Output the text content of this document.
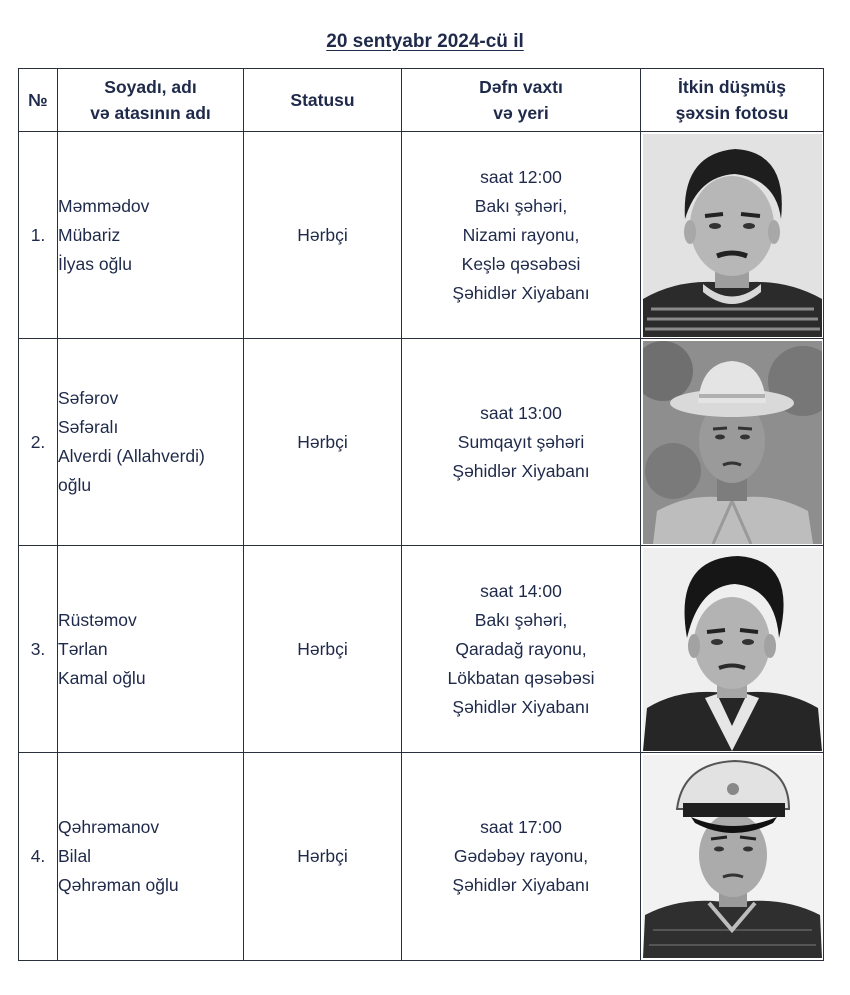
20 sentyabr 2024-cü il
№	Soyadı, adı
və atasının adı	Statusu	Dəfn vaxtı
və yeri	İtkin düşmüş
şəxsin fotosu

1.	Məmmədov
Mübariz
İlyas oğlu	Hərbçi	saat 12:00
Bakı şəhəri,
Nizami rayonu,
Keşlə qəsəbəsi
Şəhidlər Xiyabanı

2.	Səfərov
Səfəralı
Alverdi (Allahverdi)
oğlu	Hərbçi	saat 13:00
Sumqayıt şəhəri
Şəhidlər Xiyabanı

3.	Rüstəmov
Tərlan
Kamal oğlu	Hərbçi	saat 14:00
Bakı şəhəri,
Qaradağ rayonu,
Lökbatan qəsəbəsi
Şəhidlər Xiyabanı

4.	Qəhrəmanov
Bilal
Qəhrəman oğlu	Hərbçi	saat 17:00
Gədəbəy rayonu,
Şəhidlər Xiyabanı
